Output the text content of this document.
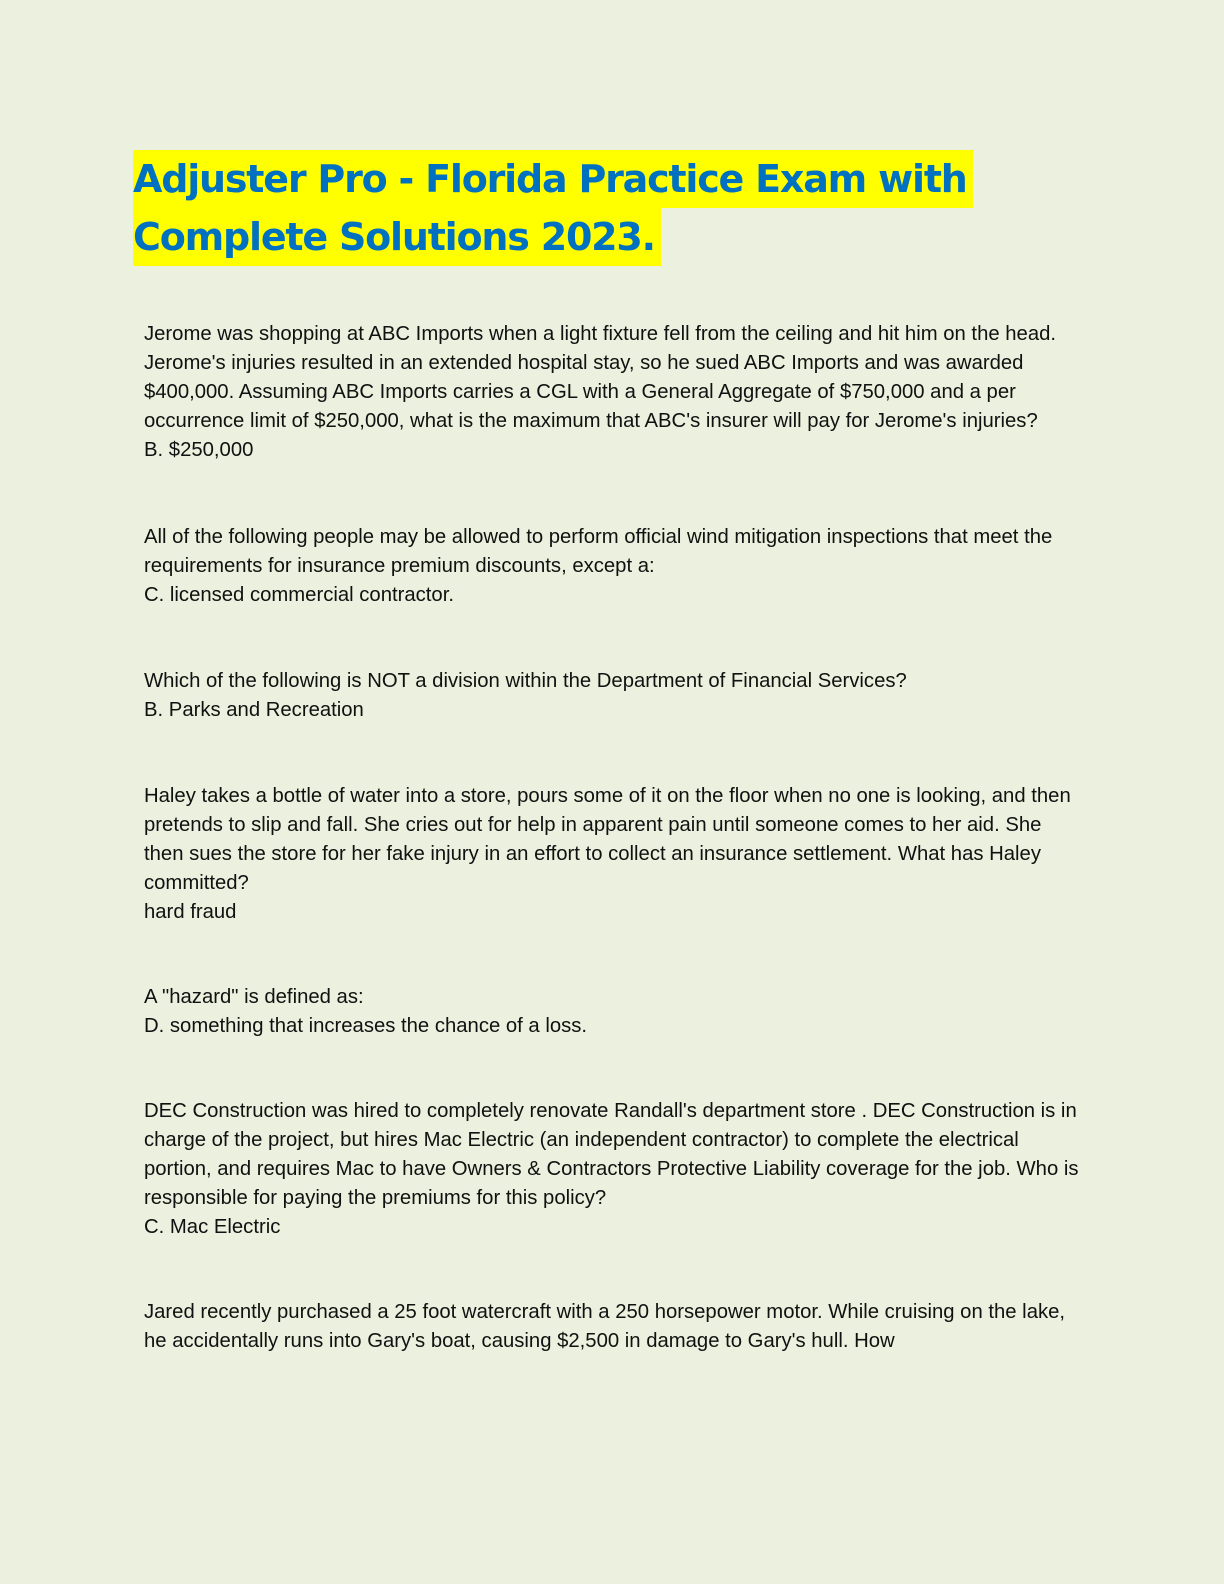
Adjuster Pro - Florida Practice Exam with
Complete Solutions 2023.

Jerome was shopping at ABC Imports when a light fixture fell from the ceiling and hit him on the head. Jerome's injuries resulted in an extended hospital stay, so he sued ABC Imports and was awarded $400,000. Assuming ABC Imports carries a CGL with a General Aggregate of $750,000 and a per occurrence limit of $250,000, what is the maximum that ABC's insurer will pay for Jerome's injuries?

B. $250,000

All of the following people may be allowed to perform official wind mitigation inspections that meet the requirements for insurance premium discounts, except a:

C. licensed commercial contractor.

Which of the following is NOT a division within the Department of Financial Services?

B. Parks and Recreation

Haley takes a bottle of water into a store, pours some of it on the floor when no one is looking, and then pretends to slip and fall. She cries out for help in apparent pain until someone comes to her aid. She then sues the store for her fake injury in an effort to collect an insurance settlement. What has Haley committed?

hard fraud

A "hazard" is defined as:

D. something that increases the chance of a loss.

DEC Construction was hired to completely renovate Randall's department store . DEC Construction is in charge of the project, but hires Mac Electric (an independent contractor) to complete the electrical portion, and requires Mac to have Owners & Contractors Protective Liability coverage for the job. Who is responsible for paying the premiums for this policy?

C. Mac Electric

Jared recently purchased a 25 foot watercraft with a 250 horsepower motor. While cruising on the lake, he accidentally runs into Gary's boat, causing $2,500 in damage to Gary's hull. How
